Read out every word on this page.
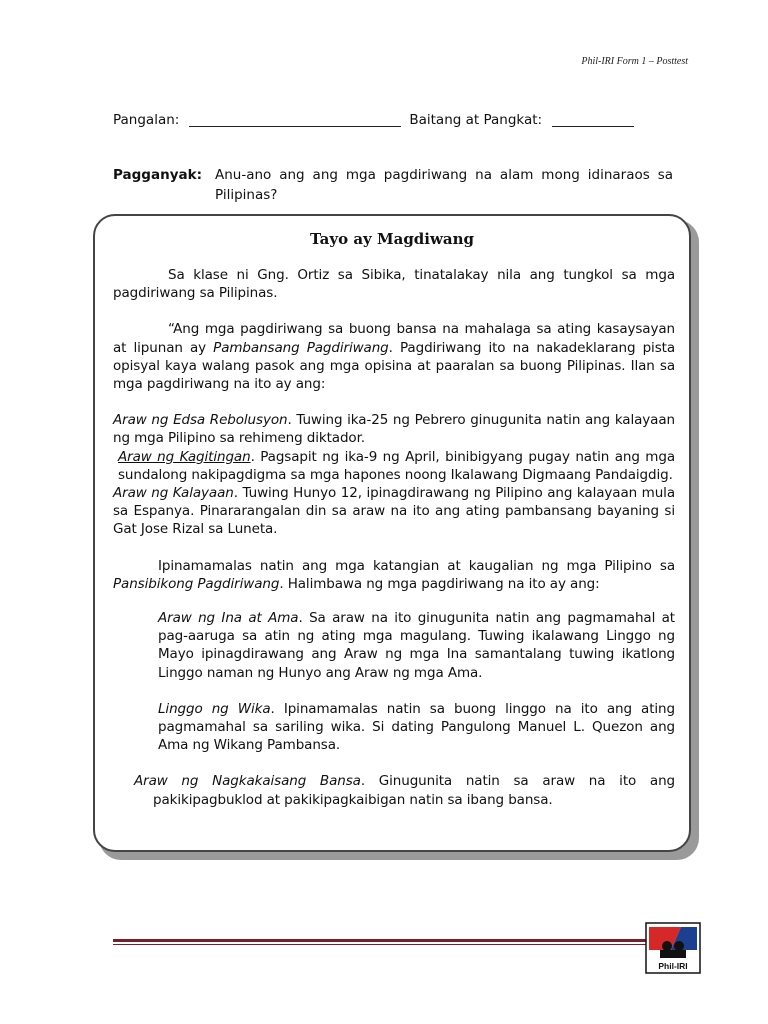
Phil-IRI Form 1 – Posttest
Pangalan:	Baitang at Pangkat:
Pagganyak: Anu-ano ang ang mga pagdiriwang na alam mong idinaraos sa Pilipinas?
Tayo ay Magdiwang

Sa klase ni Gng. Ortiz sa Sibika, tinatalakay nila ang tungkol sa mga pagdiriwang sa Pilipinas.

“Ang mga pagdiriwang sa buong bansa na mahalaga sa ating kasaysayan at lipunan ay Pambansang Pagdiriwang. Pagdiriwang ito na nakadeklarang pista opisyal kaya walang pasok ang mga opisina at paaralan sa buong Pilipinas. Ilan sa mga pagdiriwang na ito ay ang:

Araw ng Edsa Rebolusyon. Tuwing ika-25 ng Pebrero ginugunita natin ang kalayaan ng mga Pilipino sa rehimeng diktador.

Araw ng Kagitingan. Pagsapit ng ika-9 ng April, binibigyang pugay natin ang mga sundalong nakipagdigma sa mga hapones noong Ikalawang Digmaang Pandaigdig.

Araw ng Kalayaan. Tuwing Hunyo 12, ipinagdirawang ng Pilipino ang kalayaan mula sa Espanya. Pinararangalan din sa araw na ito ang ating pambansang bayaning si Gat Jose Rizal sa Luneta.

Ipinamamalas natin ang mga katangian at kaugalian ng mga Pilipino sa Pansibikong Pagdiriwang. Halimbawa ng mga pagdiriwang na ito ay ang:

Araw ng Ina at Ama. Sa araw na ito ginugunita natin ang pagmamahal at pag-aaruga sa atin ng ating mga magulang. Tuwing ikalawang Linggo ng Mayo ipinagdirawang ang Araw ng mga Ina samantalang tuwing ikatlong Linggo naman ng Hunyo ang Araw ng mga Ama.

Linggo ng Wika. Ipinamamalas natin sa buong linggo na ito ang ating pagmamahal sa sariling wika. Si dating Pangulong Manuel L. Quezon ang Ama ng Wikang Pambansa.

Araw ng Nagkakaisang Bansa. Ginugunita natin sa araw na ito ang pakikipagbuklod at pakikipagkaibigan natin sa ibang bansa.

Phil-IRI
